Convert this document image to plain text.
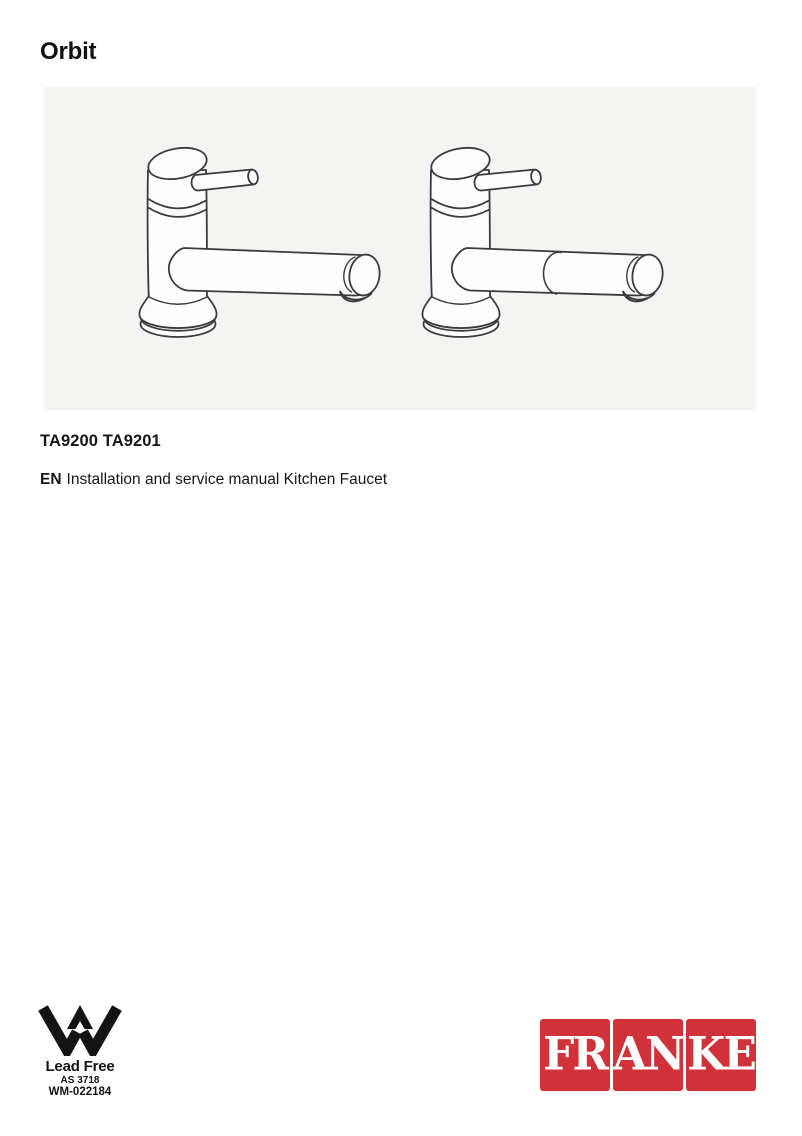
Orbit

TA9200 TA9201

EN Installation and service manual Kitchen Faucet

Lead Free
AS 3718
WM-022184
FR AN KE
